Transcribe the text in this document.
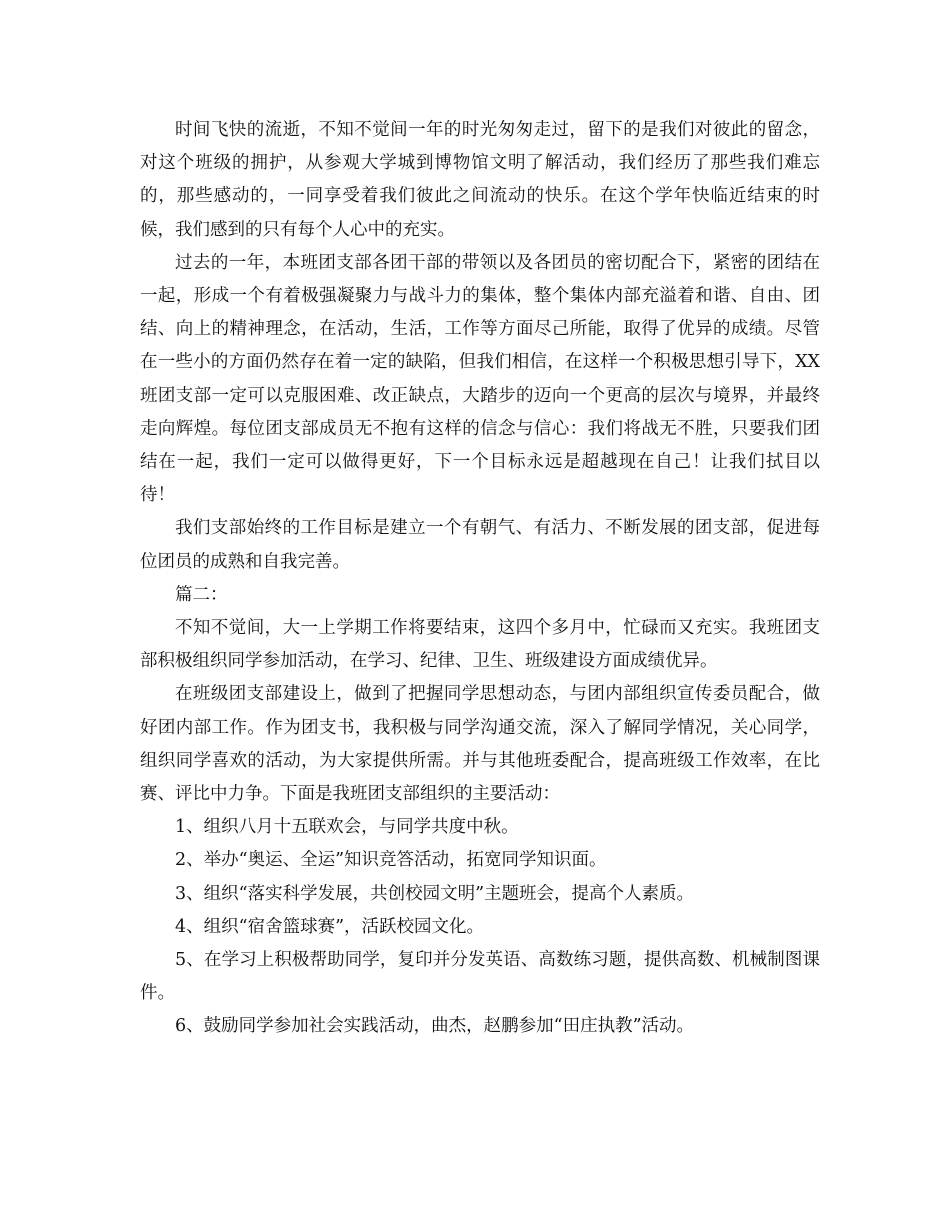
时间飞快的流逝，不知不觉间一年的时光匆匆走过，留下的是我们对彼此的留念，对这个班级的拥护，从参观大学城到博物馆文明了解活动，我们经历了那些我们难忘的，那些感动的，一同享受着我们彼此之间流动的快乐。在这个学年快临近结束的时候，我们感到的只有每个人心中的充实。

过去的一年，本班团支部各团干部的带领以及各团员的密切配合下，紧密的团结在一起，形成一个有着极强凝聚力与战斗力的集体，整个集体内部充溢着和谐、自由、团结、向上的精神理念，在活动，生活，工作等方面尽己所能，取得了优异的成绩。尽管在一些小的方面仍然存在着一定的缺陷，但我们相信，在这样一个积极思想引导下，XX班团支部一定可以克服困难、改正缺点，大踏步的迈向一个更高的层次与境界，并最终走向辉煌。每位团支部成员无不抱有这样的信念与信心：我们将战无不胜，只要我们团结在一起，我们一定可以做得更好，下一个目标永远是超越现在自己！让我们拭目以待！

我们支部始终的工作目标是建立一个有朝气、有活力、不断发展的团支部，促进每位团员的成熟和自我完善。

篇二：

不知不觉间，大一上学期工作将要结束，这四个多月中，忙碌而又充实。我班团支部积极组织同学参加活动，在学习、纪律、卫生、班级建设方面成绩优异。

在班级团支部建设上，做到了把握同学思想动态，与团内部组织宣传委员配合，做好团内部工作。作为团支书，我积极与同学沟通交流，深入了解同学情况，关心同学，组织同学喜欢的活动，为大家提供所需。并与其他班委配合，提高班级工作效率，在比赛、评比中力争。下面是我班团支部组织的主要活动：

1、组织八月十五联欢会，与同学共度中秋。

2、举办“奥运、全运”知识竞答活动，拓宽同学知识面。

3、组织“落实科学发展，共创校园文明”主题班会，提高个人素质。

4、组织“宿舍篮球赛”，活跃校园文化。

5、在学习上积极帮助同学，复印并分发英语、高数练习题，提供高数、机械制图课件。

6、鼓励同学参加社会实践活动，曲杰，赵鹏参加“田庄执教”活动。
